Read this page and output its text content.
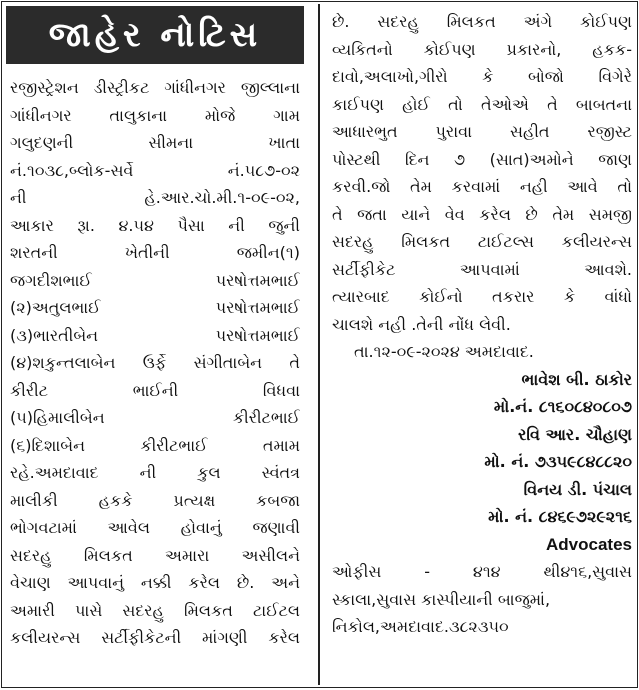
જાહેર નોટિસ
રજીસ્ટ્રેશન ડીસ્ટ્રીકટ ગાંધીનગર જીલ્લાના
ગાંધીનગર તાલુકાના મોજે ગામ
ગલુદણની સીમના ખાતા
નં.૧૦૩૮,બ્લોક-સર્વે નં.૫૮૭-૦૨
ની હે.આર.ચો.મી.૧-૦૯-૦૨,
આકાર રૂા. ૪.૫૪ પૈસા ની જુની
શરતની ખેતીની જમીન(૧)
જગદીશભાઈ પરષોત્તમભાઈ
(૨)અતુલભાઈ પરષોત્તમભાઈ
(૩)ભારતીબેન પરષોત્તમભાઈ
(૪)શકુન્તલાબેન ઉર્ફે સંગીતાબેન તે
કીરીટ ભાઈની વિધવા
(૫)હિમાલીબેન કીરીટભાઈ
(૬)દિશાબેન કીરીટભાઈ તમામ
રહે.અમદાવાદ ની કુલ સ્વંતત્ર
માલીકી હકકે પ્રત્યક્ષ કબજા
ભોગવટામાં આવેલ હોવાનું જણાવી
સદરહુ મિલકત અમારા અસીલને
વેચાણ આપવાનું નક્કી કરેલ છે. અને
અમારી પાસે સદરહુ મિલકત ટાઈટલ
કલીયરન્સ સર્ટીફીકેટની માંગણી કરેલ
છે. સદરહુ મિલકત અંગે કોઈપણ
વ્યકિતનો કોઈપણ પ્રકારનો, હકક-
દાવો,અલાખો,ગીરો કે બોજો વિગેરે
કાઈપણ હોઈ તો તેઓએ તે બાબતના
આધારભુત પુરાવા સહીત રજીસ્ટ
પોસ્ટથી દિન ૭ (સાત)અમોને જાણ
કરવી.જો તેમ કરવામાં નહી આવે તો
તે જતા યાને વેવ કરેલ છે તેમ સમજી
સદરહુ મિલકત ટાઈટલ્સ કલીયરન્સ
સર્ટીફીકેટ આપવામાં આવશે.
ત્યારબાદ કોઈનો તકરાર કે વાંધો
ચાલશે નહી .તેની નોંધ લેવી.
તા.૧૨-૦૯-૨૦૨૪ અમદાવાદ.
ભાવેશ બી. ઠાકોર
મો.નં. ૮૧૬૦૮૪૦૮૦૭
રવિ આર. ચૌહાણ
મો. નં. ૭૩૫૯૮૪૮૮૨૦
વિનય ડી. પંચાલ
મો. નં. ૮૪૬૯૭૨૯૨૧૬
Advocates
ઓફીસ - ૪૧૪ થી૪૧૬,સુવાસ
સ્કાલા,સુવાસ કાસ્પીયાની બાજુમાં,
નિકોલ,અમદાવાદ.૩૮૨૩૫૦
